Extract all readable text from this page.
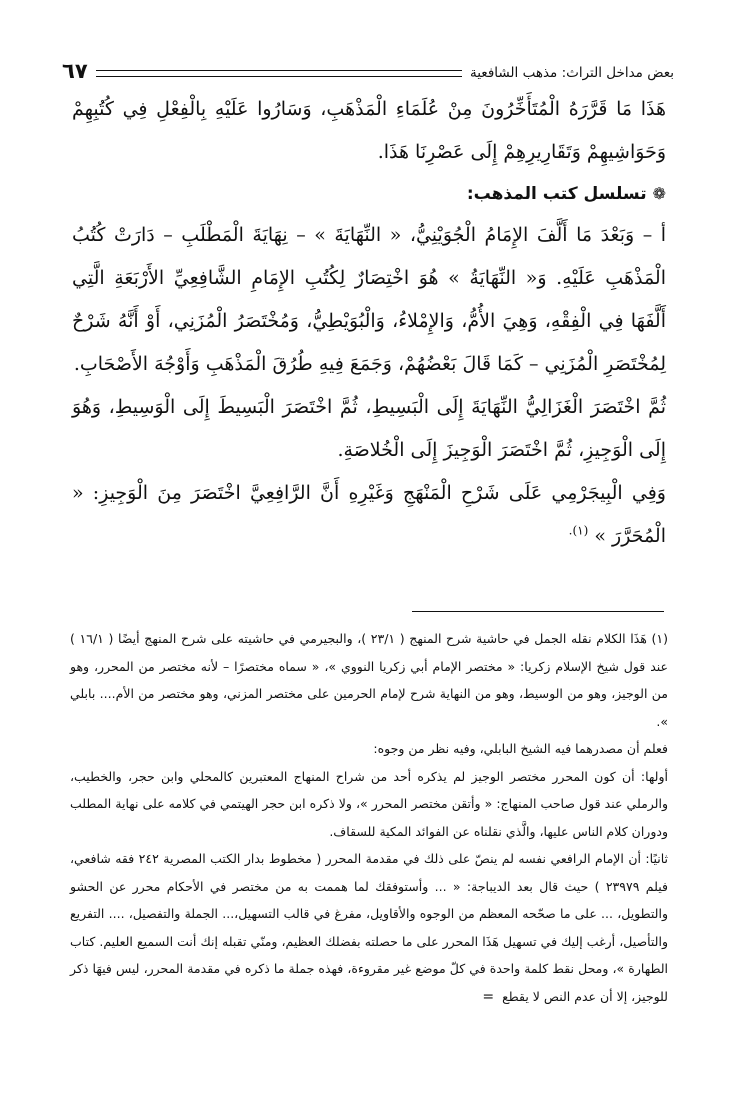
بعض مداخل التراث: مذهب الشافعية
٦٧

هَذَا مَا قَرَّرَهُ الْمُتَأَخِّرُونَ مِنْ عُلَمَاءِ الْمَذْهَبِ، وَسَارُوا عَلَيْهِ بِالْفِعْلِ فِي كُتُبِهِمْ وَحَوَاشِيهِمْ وَتَقَارِيرِهِمْ إِلَى عَصْرِنَا هَذَا.

❁
تسلسل كتب المذهب:

أ – وَبَعْدَ مَا أَلَّفَ الإِمَامُ الْجُوَيْنِيُّ، « النِّهَايَةَ » – نِهَايَةَ الْمَطْلَبِ – دَارَتْ كُتُبُ الْمَذْهَبِ عَلَيْهِ. وَ« النِّهَايَةُ » هُوَ اخْتِصَارٌ لِكُتُبِ الإِمَامِ الشَّافِعِيِّ الأَرْبَعَةِ الَّتِي أَلَّفَهَا فِي الْفِقْهِ، وَهِيَ الأُمُّ، وَالإِمْلاءُ، وَالْبُوَيْطِيُّ، وَمُخْتَصَرُ الْمُزَنِي، أَوْ أَنَّهُ شَرْحٌ لِمُخْتَصَرِ الْمُزَنِي – كَمَا قَالَ بَعْضُهُمْ، وَجَمَعَ فِيهِ طُرُقَ الْمَذْهَبِ وَأَوْجُهَ الأَصْحَابِ.

ثُمَّ اخْتَصَرَ الْغَزَالِيُّ النِّهَايَةَ إِلَى الْبَسِيطِ، ثُمَّ اخْتَصَرَ الْبَسِيطَ إِلَى الْوَسِيطِ، وَهُوَ إِلَى الْوَجِيزِ، ثُمَّ اخْتَصَرَ الْوَجِيزَ إِلَى الْخُلاصَةِ.

وَفِي الْبِيجَرْمِي عَلَى شَرْحِ الْمَنْهَجِ وَغَيْرِهِ أَنَّ الرَّافِعِيَّ اخْتَصَرَ مِنَ الْوَجِيزِ: « الْمُحَرَّرَ » $^{(١).}$

(١) هَذَا الكلام نقله الجمل في حاشية شرح المنهج ( ٢٣/١ )، والبجيرمي في حاشيته على شرح المنهج أيضًا ( ١٦/١ ) عند قول شيخ الإسلام زكريا: « مختصر الإمام أبي زكريا النووي »، « سماه مختصرًا – لأنه مختصر من المحرر، وهو من الوجيز، وهو من الوسيط، وهو من النهاية شرح لإمام الحرمين على مختصر المزني، وهو مختصر من الأم.... بابلي ».

فعلم أن مصدرهما فيه الشيخ البابلي، وفيه نظر من وجوه:

أولها: أن كون المحرر مختصر الوجيز لم يذكره أحد من شراح المنهاج المعتبرين كالمحلي وابن حجر، والخطيب، والرملي عند قول صاحب المنهاج: « وأتقن مختصر المحرر »، ولا ذكره ابن حجر الهيتمي في كلامه على نهاية المطلب ودوران كلام الناس عليها، والَّذي نقلناه عن الفوائد المكية للسقاف.

ثانيًا: أن الإمام الرافعي نفسه لم ينصّ على ذلك في مقدمة المحرر ( مخطوط بدار الكتب المصرية ٢٤٢ فقه شافعي، فيلم ٢٣٩٧٩ ) حيث قال بعد الديباجة: « ... وأستوفقك لما هممت به من مختصر في الأحكام محرر عن الحشو والتطويل، ... على ما صحّحه المعظم من الوجوه والأقاويل، مفرغ في قالب التسهيل،... الجملة والتفصيل، .... التفريع والتأصيل، أرغب إليك في تسهيل هَذَا المحرر على ما حصلته بفضلك العظيم، ومنّي تقبله إنك أنت السميع العليم. كتاب الطهارة »، ومحل نقط كلمة واحدة في كلّ موضع غير مقروءة، فهذه جملة ما ذكره في مقدمة المحرر، ليس فيهَا ذكر للوجيز، إلا أن عدم النص لا يقطع =
